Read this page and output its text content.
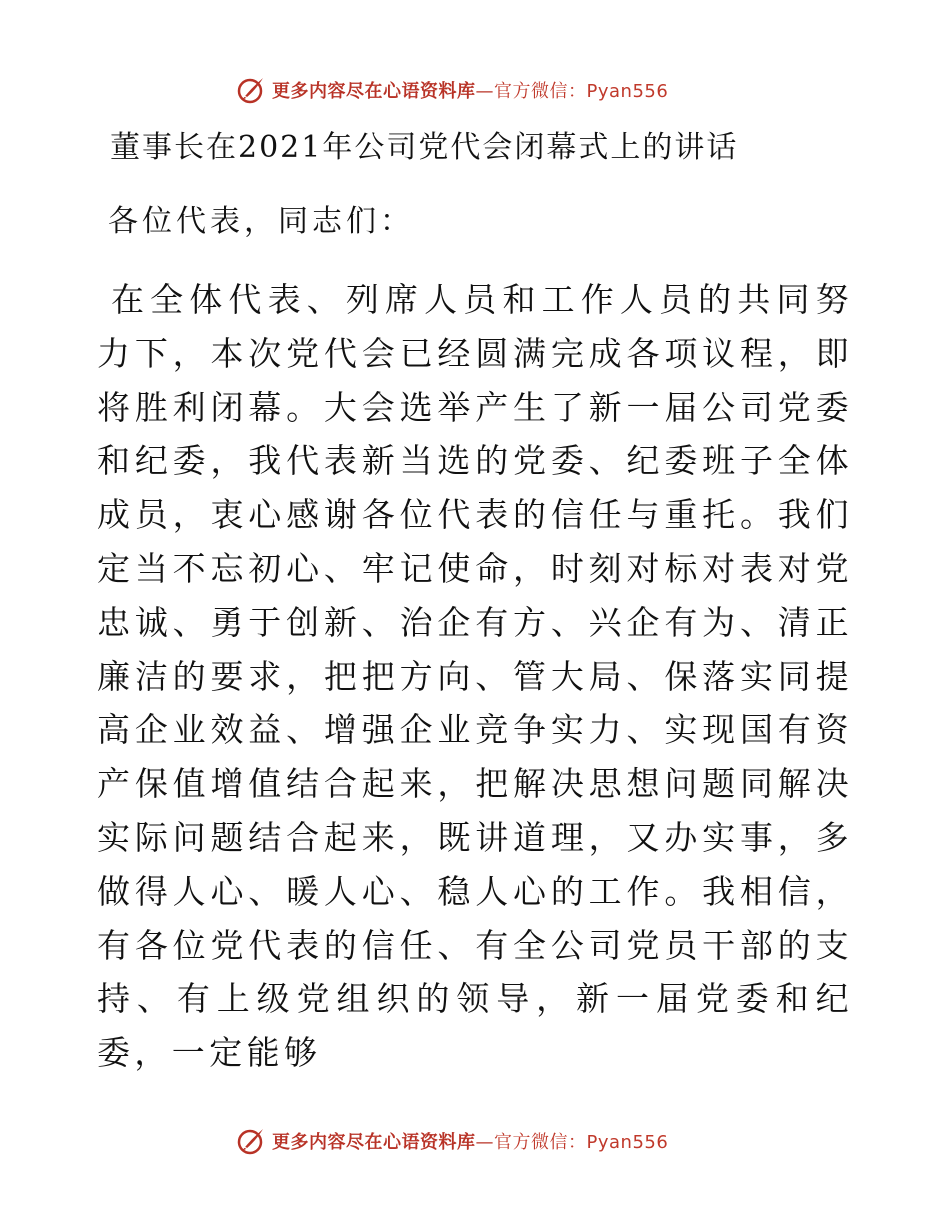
更多内容尽在心语资料库—官方微信：Pyan556
董事长在2021年公司党代会闭幕式上的讲话
各位代表，同志们：
在全体代表、列席人员和工作人员的共同努力下，本次党代会已经圆满完成各项议程，即将胜利闭幕。大会选举产生了新一届公司党委和纪委，我代表新当选的党委、纪委班子全体成员，衷心感谢各位代表的信任与重托。我们定当不忘初心、牢记使命，时刻对标对表对党忠诚、勇于创新、治企有方、兴企有为、清正廉洁的要求，把把方向、管大局、保落实同提高企业效益、增强企业竞争实力、实现国有资产保值增值结合起来，把解决思想问题同解决实际问题结合起来，既讲道理，又办实事，多做得人心、暖人心、稳人心的工作。我相信，有各位党代表的信任、有全公司党员干部的支持、有上级党组织的领导，新一届党委和纪委，一定能够
更多内容尽在心语资料库—官方微信：Pyan556
